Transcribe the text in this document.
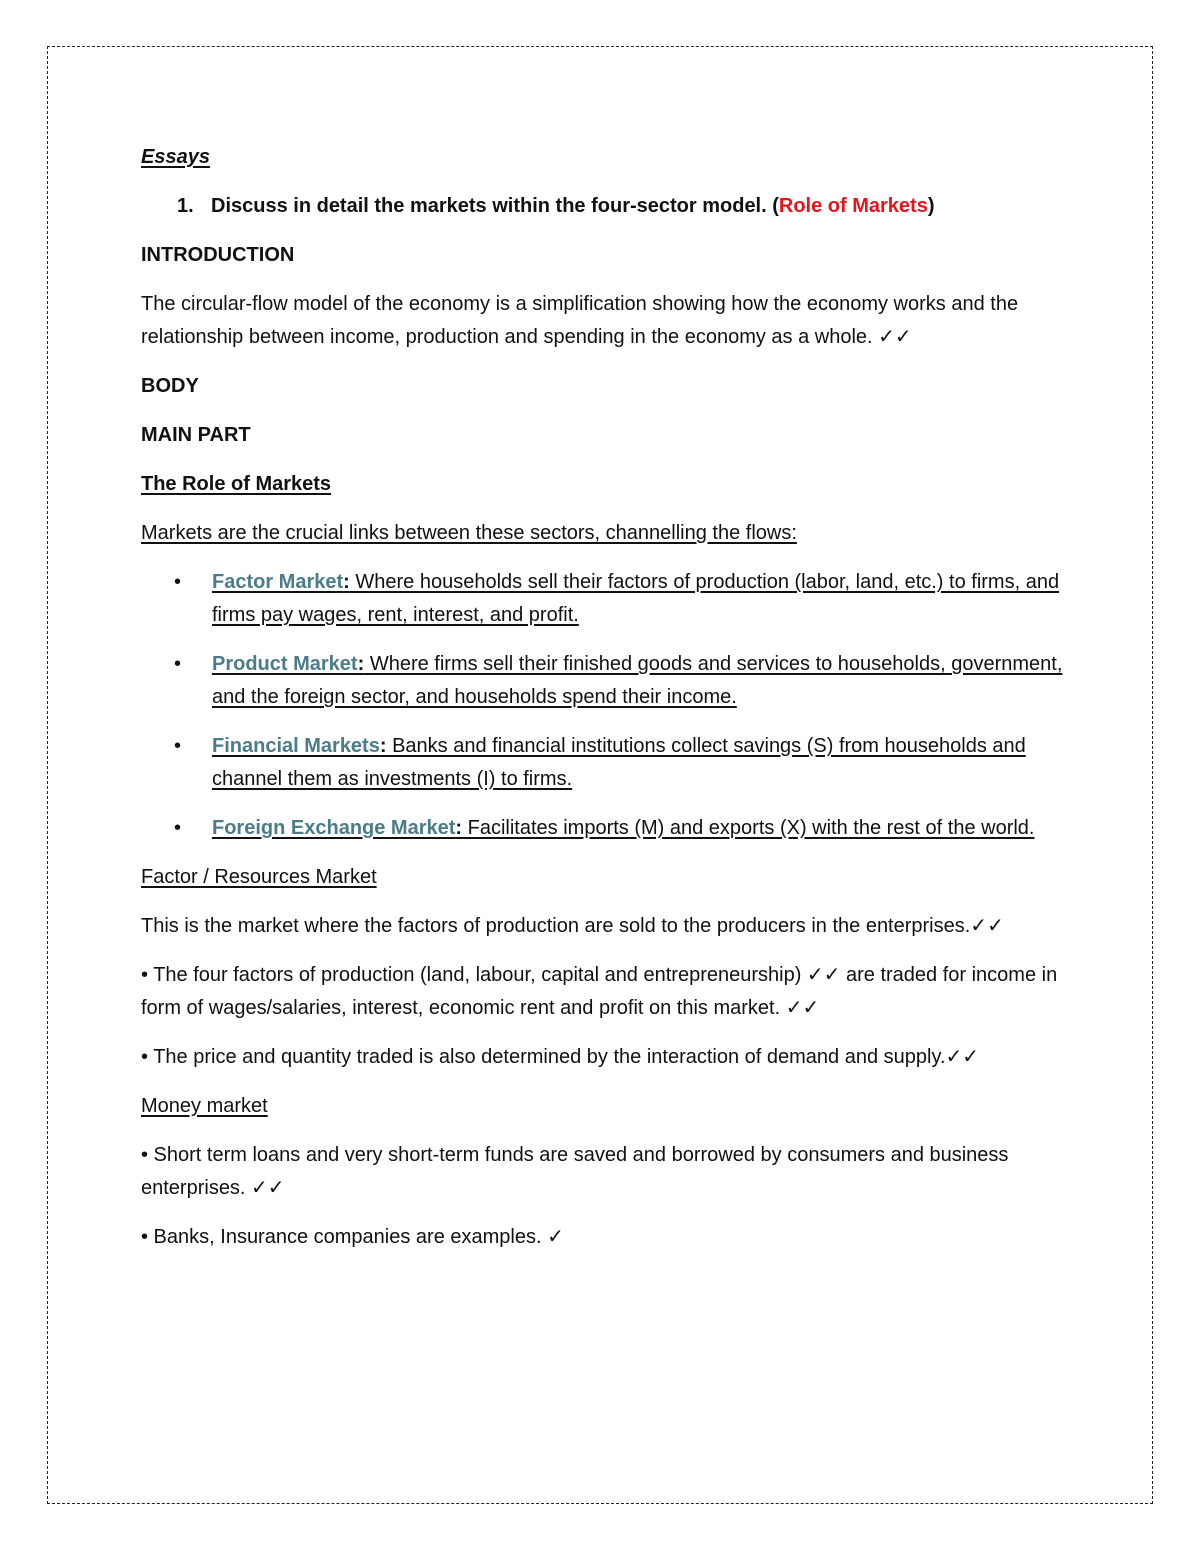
Essays

1. Discuss in detail the markets within the four-sector model. (Role of Markets)

INTRODUCTION

The circular-flow model of the economy is a simplification showing how the economy works and the relationship between income, production and spending in the economy as a whole. ✓✓

BODY

MAIN PART

The Role of Markets

Markets are the crucial links between these sectors, channelling the flows:

• Factor Market: Where households sell their factors of production (labor, land, etc.) to firms, and firms pay wages, rent, interest, and profit.
• Product Market: Where firms sell their finished goods and services to households, government, and the foreign sector, and households spend their income.
• Financial Markets: Banks and financial institutions collect savings (S) from households and channel them as investments (I) to firms.
• Foreign Exchange Market: Facilitates imports (M) and exports (X) with the rest of the world.

Factor / Resources Market

This is the market where the factors of production are sold to the producers in the enterprises.✓✓

• The four factors of production (land, labour, capital and entrepreneurship) ✓✓ are traded for income in form of wages/salaries, interest, economic rent and profit on this market. ✓✓

• The price and quantity traded is also determined by the interaction of demand and supply.✓✓

Money market

• Short term loans and very short-term funds are saved and borrowed by consumers and business enterprises. ✓✓

• Banks, Insurance companies are examples. ✓
